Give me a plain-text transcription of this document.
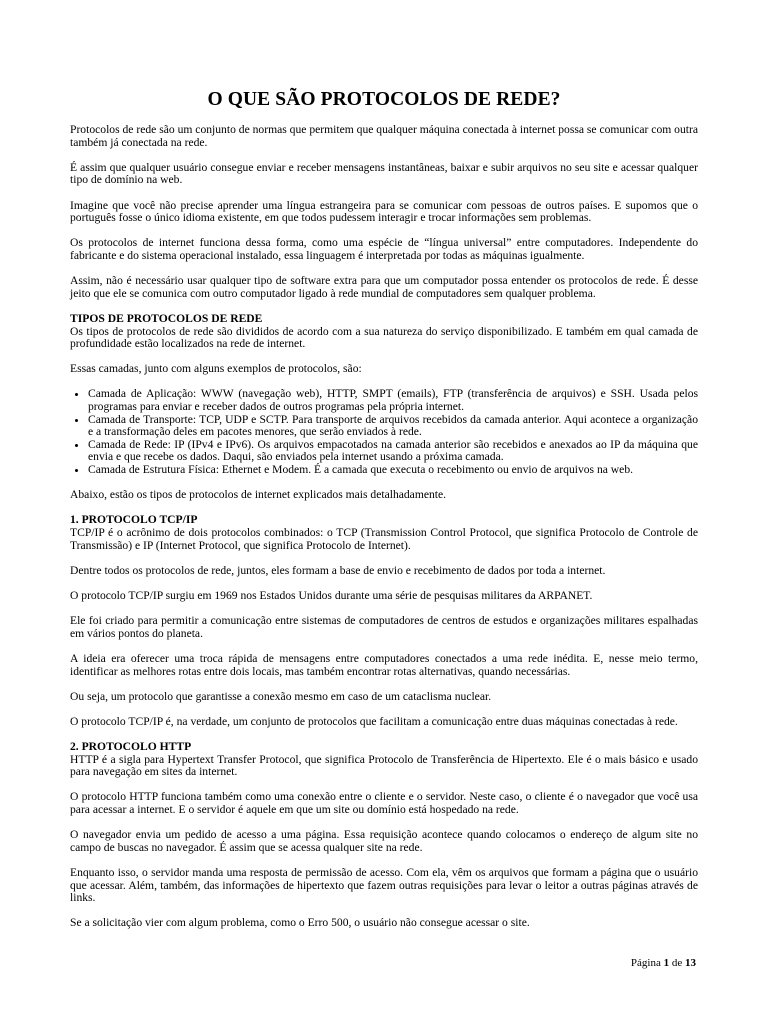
O QUE SÃO PROTOCOLOS DE REDE?

Protocolos de rede são um conjunto de normas que permitem que qualquer máquina conectada à internet possa se comunicar com outra também já conectada na rede.

É assim que qualquer usuário consegue enviar e receber mensagens instantâneas, baixar e subir arquivos no seu site e acessar qualquer tipo de domínio na web.

Imagine que você não precise aprender uma língua estrangeira para se comunicar com pessoas de outros países. E supomos que o português fosse o único idioma existente, em que todos pudessem interagir e trocar informações sem problemas.

Os protocolos de internet funciona dessa forma, como uma espécie de “língua universal” entre computadores. Independente do fabricante e do sistema operacional instalado, essa linguagem é interpretada por todas as máquinas igualmente.

Assim, não é necessário usar qualquer tipo de software extra para que um computador possa entender os protocolos de rede. É desse jeito que ele se comunica com outro computador ligado à rede mundial de computadores sem qualquer problema.

TIPOS DE PROTOCOLOS DE REDE

Os tipos de protocolos de rede são divididos de acordo com a sua natureza do serviço disponibilizado. E também em qual camada de profundidade estão localizados na rede de internet.

Essas camadas, junto com alguns exemplos de protocolos, são:

• Camada de Aplicação: WWW (navegação web), HTTP, SMPT (emails), FTP (transferência de arquivos) e SSH. Usada pelos programas para enviar e receber dados de outros programas pela própria internet.
• Camada de Transporte: TCP, UDP e SCTP. Para transporte de arquivos recebidos da camada anterior. Aqui acontece a organização e a transformação deles em pacotes menores, que serão enviados à rede.
• Camada de Rede: IP (IPv4 e IPv6). Os arquivos empacotados na camada anterior são recebidos e anexados ao IP da máquina que envia e que recebe os dados. Daqui, são enviados pela internet usando a próxima camada.
• Camada de Estrutura Física: Ethernet e Modem. É a camada que executa o recebimento ou envio de arquivos na web.

Abaixo, estão os tipos de protocolos de internet explicados mais detalhadamente.

1. PROTOCOLO TCP/IP

TCP/IP é o acrônimo de dois protocolos combinados: o TCP (Transmission Control Protocol, que significa Protocolo de Controle de Transmissão) e IP (Internet Protocol, que significa Protocolo de Internet).

Dentre todos os protocolos de rede, juntos, eles formam a base de envio e recebimento de dados por toda a internet.

O protocolo TCP/IP surgiu em 1969 nos Estados Unidos durante uma série de pesquisas militares da ARPANET.

Ele foi criado para permitir a comunicação entre sistemas de computadores de centros de estudos e organizações militares espalhadas em vários pontos do planeta.

A ideia era oferecer uma troca rápida de mensagens entre computadores conectados a uma rede inédita. E, nesse meio termo, identificar as melhores rotas entre dois locais, mas também encontrar rotas alternativas, quando necessárias.

Ou seja, um protocolo que garantisse a conexão mesmo em caso de um cataclisma nuclear.

O protocolo TCP/IP é, na verdade, um conjunto de protocolos que facilitam a comunicação entre duas máquinas conectadas à rede.

2. PROTOCOLO HTTP

HTTP é a sigla para Hypertext Transfer Protocol, que significa Protocolo de Transferência de Hipertexto. Ele é o mais básico e usado para navegação em sites da internet.

O protocolo HTTP funciona também como uma conexão entre o cliente e o servidor. Neste caso, o cliente é o navegador que você usa para acessar a internet. E o servidor é aquele em que um site ou domínio está hospedado na rede.

O navegador envia um pedido de acesso a uma página. Essa requisição acontece quando colocamos o endereço de algum site no campo de buscas no navegador. É assim que se acessa qualquer site na rede.

Enquanto isso, o servidor manda uma resposta de permissão de acesso. Com ela, vêm os arquivos que formam a página que o usuário que acessar. Além, também, das informações de hipertexto que fazem outras requisições para levar o leitor a outras páginas através de links.

Se a solicitação vier com algum problema, como o Erro 500, o usuário não consegue acessar o site.

Página 1 de 13
